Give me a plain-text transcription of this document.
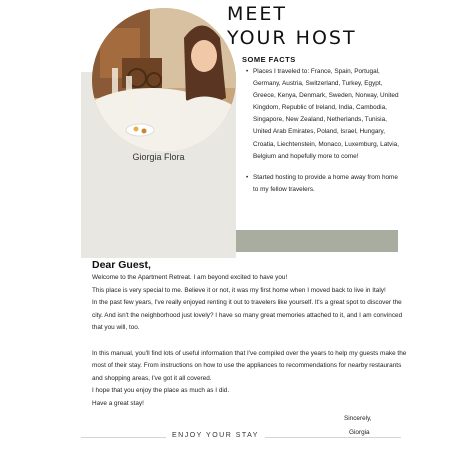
Giorgia Flora
MEET
YOUR HOST
SOME FACTS
• Places I traveled to: France, Spain, Portugal, Germany, Austria, Switzerland, Turkey, Egypt, Greece, Kenya, Denmark, Sweden, Norway, United Kingdom, Republic of Ireland, India, Cambodia, Singapore, New Zealand, Netherlands, Tunisia, United Arab Emirates, Poland, Israel, Hungary, Croatia, Liechtenstein, Monaco, Luxemburg, Latvia, Belgium and hopefully more to come!
• Started hosting to provide a home away from home to my fellow travelers.
Dear Guest,

Welcome to the Apartment Retreat. I am beyond excited to have you!

This place is very special to me. Believe it or not, it was my first home when I moved back to live in Italy!

In the past few years, I've really enjoyed renting it out to travelers like yourself. It's a great spot to discover the city. And isn't the neighborhood just lovely? I have so many great memories attached to it, and I am convinced that you will, too.

In this manual, you'll find lots of useful information that I've compiled over the years to help my guests make the most of their stay. From instructions on how to use the appliances to recommendations for nearby restaurants and shopping areas, I've got it all covered.

I hope that you enjoy the place as much as I did.

Have a great stay!

Sincerely,
Giorgia
ENJOY YOUR STAY
